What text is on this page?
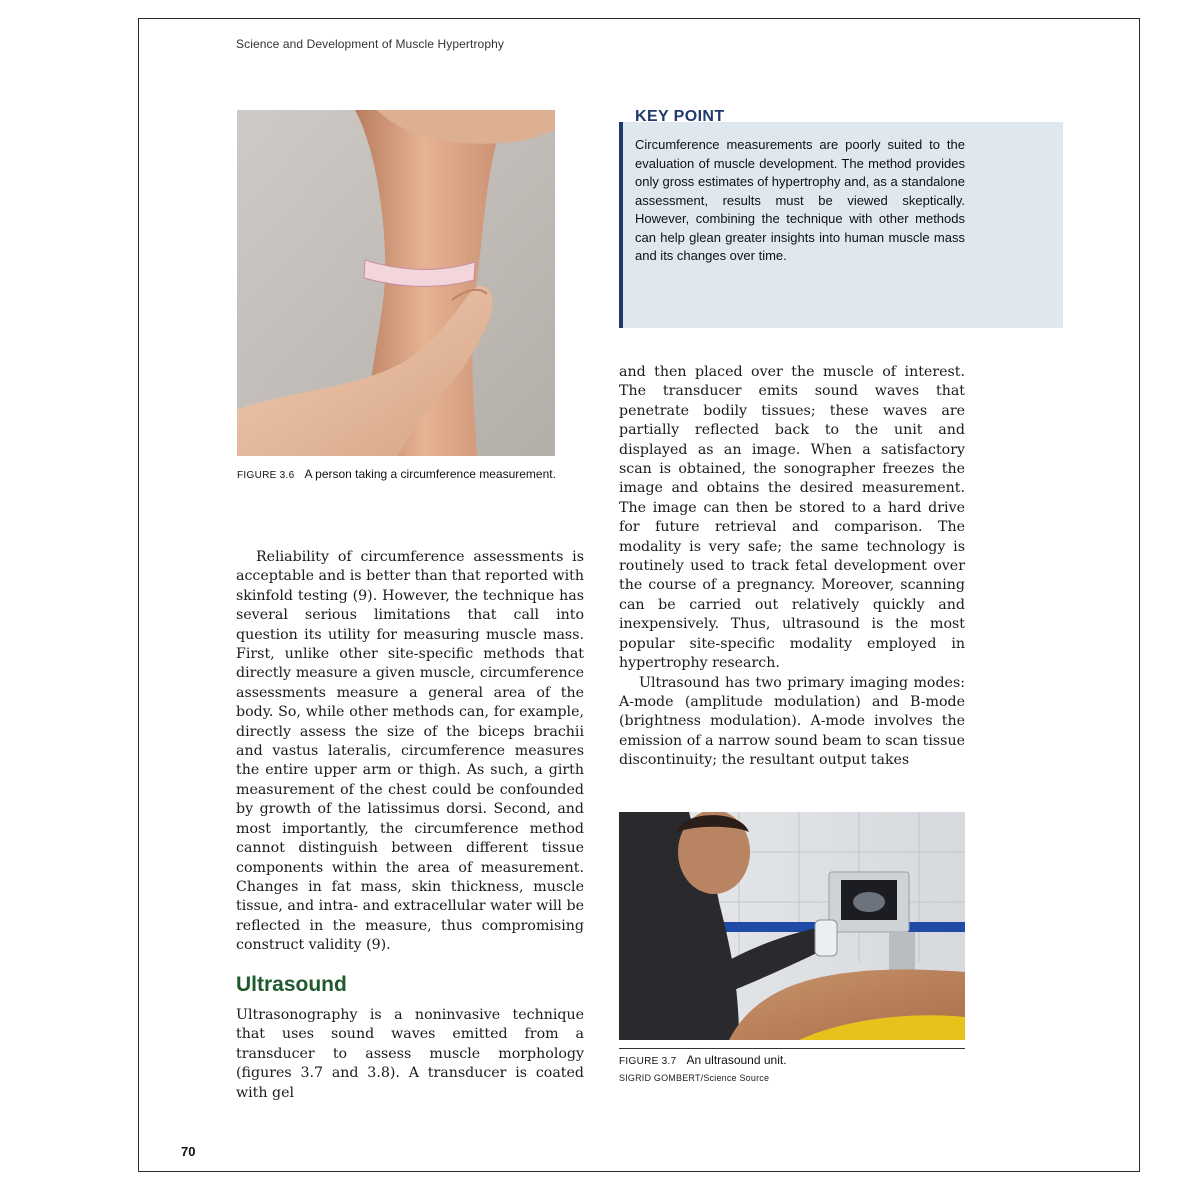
Science and Development of Muscle Hypertrophy
FIGURE 3.6 A person taking a circumference measurement.
KEY POINT
Circumference measurements are poorly suited to the evaluation of muscle development. The method provides only gross estimates of hypertrophy and, as a standalone assessment, results must be viewed skeptically. However, combining the technique with other methods can help glean greater insights into human muscle mass and its changes over time.

Reliability of circumference assessments is acceptable and is better than that reported with skinfold testing (9). However, the technique has several serious limitations that call into question its utility for measuring muscle mass. First, unlike other site-specific methods that directly measure a given muscle, circumference assessments measure a general area of the body. So, while other methods can, for example, directly assess the size of the biceps brachii and vastus lateralis, circumference measures the entire upper arm or thigh. As such, a girth measurement of the chest could be confounded by growth of the latissimus dorsi. Second, and most importantly, the circumference method cannot distinguish between different tissue components within the area of measurement. Changes in fat mass, skin thickness, muscle tissue, and intra- and extracellular water will be reflected in the measure, thus compromising construct validity (9).

Ultrasound

Ultrasonography is a noninvasive technique that uses sound waves emitted from a transducer to assess muscle morphology (figures 3.7 and 3.8). A transducer is coated with gel

and then placed over the muscle of interest. The transducer emits sound waves that penetrate bodily tissues; these waves are partially reflected back to the unit and displayed as an image. When a satisfactory scan is obtained, the sonographer freezes the image and obtains the desired measurement. The image can then be stored to a hard drive for future retrieval and comparison. The modality is very safe; the same technology is routinely used to track fetal development over the course of a pregnancy. Moreover, scanning can be carried out relatively quickly and inexpensively. Thus, ultrasound is the most popular site-specific modality employed in hypertrophy research.

Ultrasound has two primary imaging modes: A-mode (amplitude modulation) and B-mode (brightness modulation). A-mode involves the emission of a narrow sound beam to scan tissue discontinuity; the resultant output takes

FIGURE 3.7 An ultrasound unit.
SIGRID GOMBERT/Science Source
70
